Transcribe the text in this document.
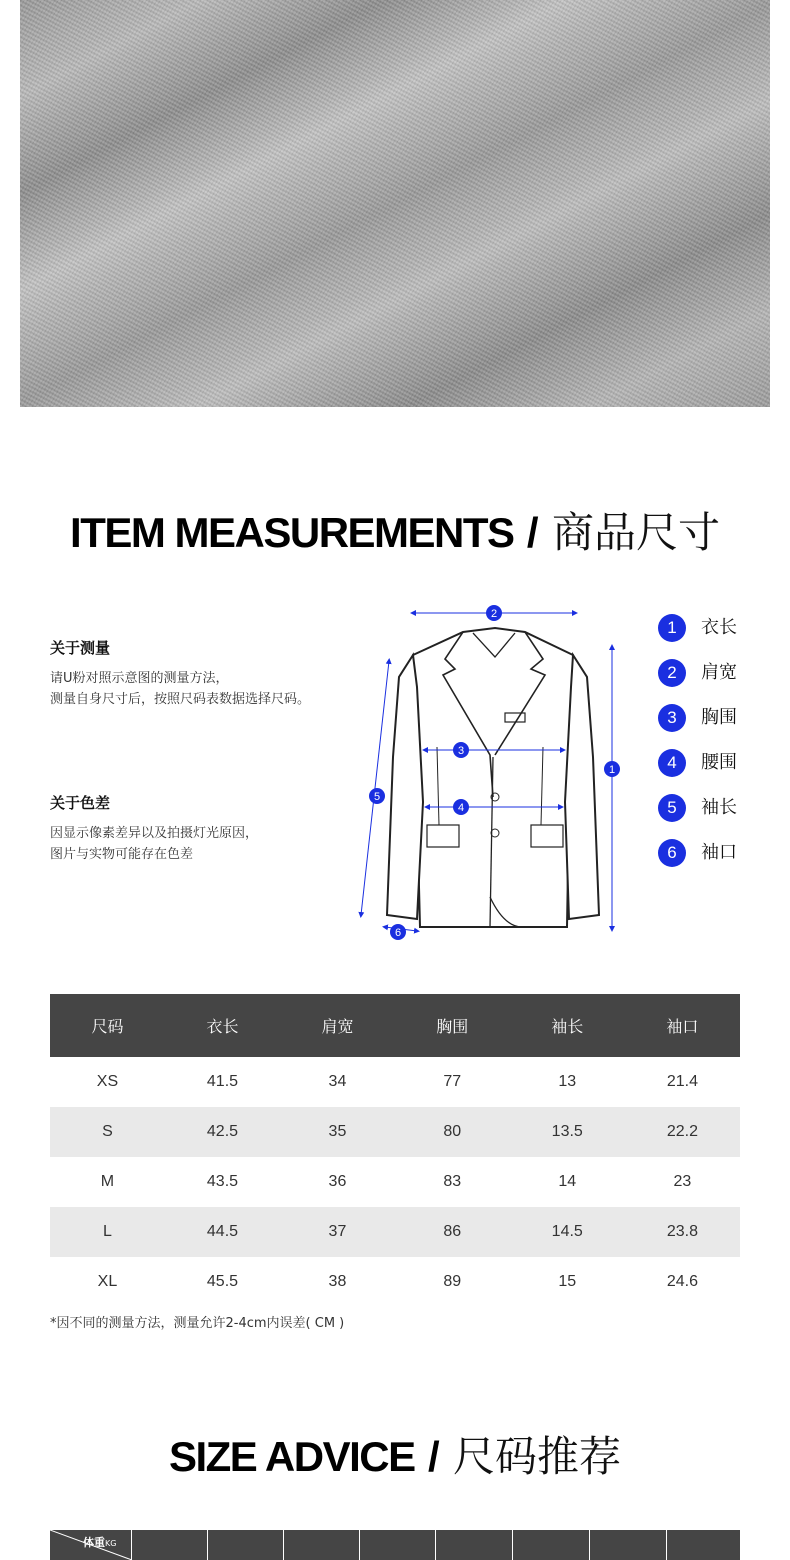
ITEM MEASUREMENTS / 商品尺寸
关于测量

请U粉对照示意图的测量方法，

测量自身尺寸后，按照尺码表数据选择尺码。

关于色差

因显示像素差异以及拍摄灯光原因，

图片与实物可能存在色差

2
3
4
1
5
6
1	衣长
2	肩宽
3	胸围
4	腰围
5	袖长
6	袖口
尺码	衣长	肩宽	胸围	袖长	袖口
XS	41.5	34	77	13	21.4
S	42.5	35	80	13.5	22.2
M	43.5	36	83	14	23
L	44.5	37	86	14.5	23.8
XL	45.5	38	89	15	24.6
*因不同的测量方法，测量允许2-4cm内误差( CM )
SIZE ADVICE / 尺码推荐
体重KG
